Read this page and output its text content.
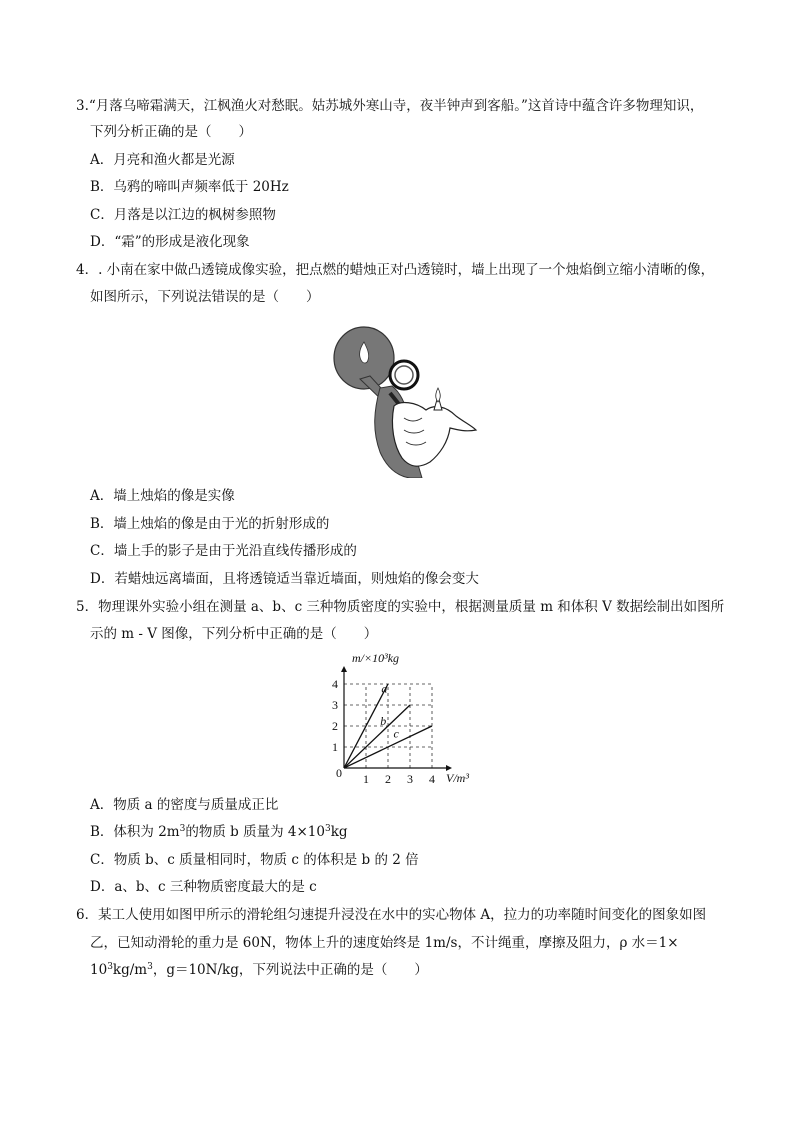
3.“月落乌啼霜满天，江枫渔火对愁眠。姑苏城外寒山寺，夜半钟声到客船。”这首诗中蕴含许多物理知识，
下列分析正确的是（　　）
A．月亮和渔火都是光源
B．乌鸦的啼叫声频率低于 20Hz
C．月落是以江边的枫树参照物
D．“霜”的形成是液化现象
4．. 小南在家中做凸透镜成像实验，把点燃的蜡烛正对凸透镜时，墙上出现了一个烛焰倒立缩小清晰的像，
如图所示，下列说法错误的是（　　）
A．墙上烛焰的像是实像
B．墙上烛焰的像是由于光的折射形成的
C．墙上手的影子是由于光沿直线传播形成的
D．若蜡烛远离墙面，且将透镜适当靠近墙面，则烛焰的像会变大
5．物理课外实验小组在测量 a、b、c 三种物质密度的实验中，根据测量质量 m 和体积 V 数据绘制出如图所
示的 m - V 图像，下列分析中正确的是（　　）
a
b
c
1 2 3 4
1
2
3
4
0
m/×10³kg
V/m³
A．物质 a 的密度与质量成正比
B．体积为 $2m^3$的物质 b 质量为 $4\times 10^3kg$
C．物质 b、c 质量相同时，物质 c 的体积是 b 的 2 倍
D．a、b、c 三种物质密度最大的是 c
6．某工人使用如图甲所示的滑轮组匀速提升浸没在水中的实心物体 A，拉力的功率随时间变化的图象如图
乙，已知动滑轮的重力是 60N，物体上升的速度始终是 1m/s，不计绳重，摩擦及阻力，ρ 水＝1×
$10^3kg/m^3$，g＝10N/kg，下列说法中正确的是（　　）
